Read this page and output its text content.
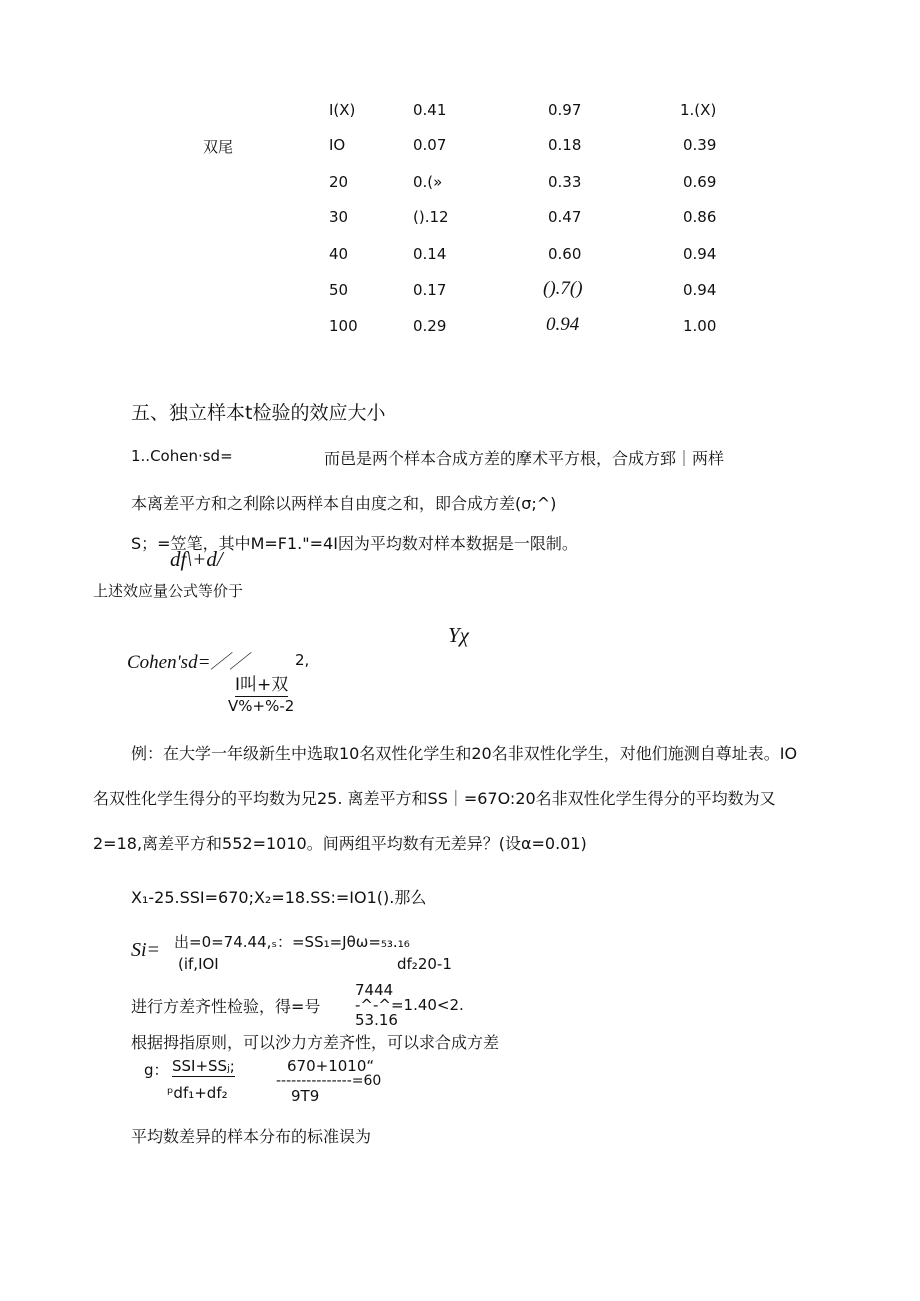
双尾
I(X)	0.41	0.97	1.(X)
IO	0.07	0.18	0.39
20	0.(»	0.33	0.69
30	().12	0.47	0.86
40	0.14	0.60	0.94
50	0.17	().7()	0.94
100	0.29	0.94	1.00
五、独立样本t检验的效应大小
1..Cohen·sd=	而邑是两个样本合成方差的摩术平方根，合成方郅｜两样
本离差平方和之利除以两样本自由度之和，即合成方差(σ;^)
S；=笠笔，其中M=F1."=4I因为平均数对样本数据是一限制。
df\+d/
上述效应量公式等价于
Yχ
Cohen'sd=／／	2,
I叫+双
V%+%-2
例：在大学一年级新生中选取10名双性化学生和20名非双性化学生，对他们施测自尊址表。IO
名双性化学生得分的平均数为兄25. 离差平方和SS｜=67O:20名非双性化学生得分的平均数为又
2=18,离差平方和552=1010。间两组平均数有无差异？(设α=0.01)
X₁-25.SSI=670;X₂=18.SS:=IO1().那么
Si= 出=0=74.44,ₛ：=SS₁=Jθω=₅₃.₁₆
(if,IOI	df₂20-1
7444
进行方差齐性检验，得=号 -^-^=1.40<2.
53.16
根据拇指原则，可以沙力方差齐性，可以求合成方差
g： SSI+SSⱼ;	670+1010“
---------------=60
ᵖdf₁+df₂	9T9
平均数差异的样本分布的标准误为
